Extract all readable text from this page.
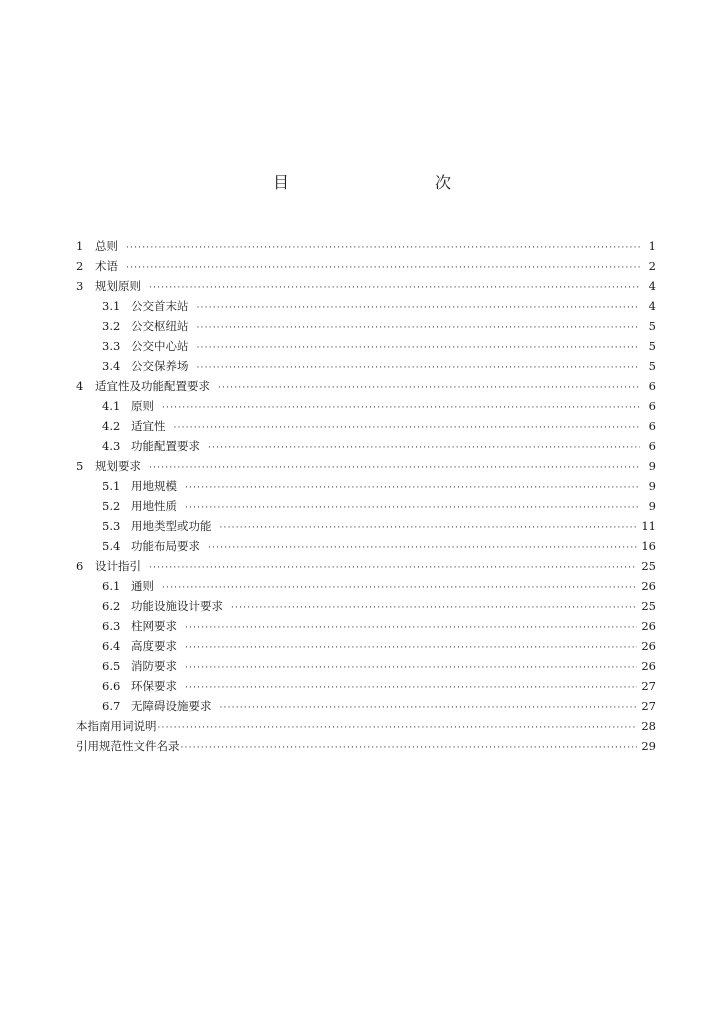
目　　次
1	总则 ·····	1
2	术语 ·····	2
3	规划原则 ·····	4
3.1 公交首末站 ·····	4
3.2 公交枢纽站 ·····	5
3.3 公交中心站 ·····	5
3.4 公交保养场 ·····	5
4	适宜性及功能配置要求 ·····	6
4.1 原则 ·····	6
4.2 适宜性 ·····	6
4.3 功能配置要求 ·····	6
5	规划要求 ·····	9
5.1 用地规模 ·····	9
5.2 用地性质 ·····	9
5.3 用地类型或功能 ·····	11
5.4 功能布局要求 ·····	16
6	设计指引 ·····	25
6.1 通则 ·····	26
6.2 功能设施设计要求 ·····	25
6.3 柱网要求 ·····	26
6.4 高度要求 ·····	26
6.5 消防要求 ·····	26
6.6 环保要求 ·····	27
6.7 无障碍设施要求 ·····	27
本指南用词说明 ·····	28
引用规范性文件名录 ·····	29
